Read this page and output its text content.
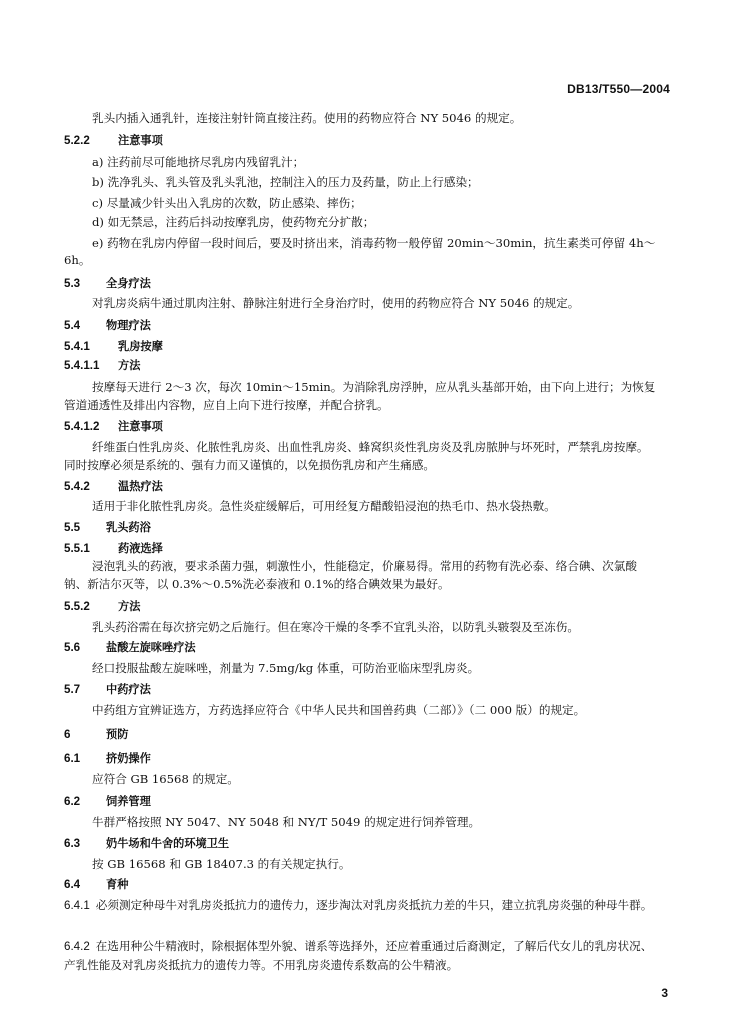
DB13/T550—2004
乳头内插入通乳针，连接注射针筒直接注药。使用的药物应符合 NY 5046 的规定。
5.2.2	注意事项
a) 注药前尽可能地挤尽乳房内残留乳汁；
b) 洗净乳头、乳头管及乳头乳池，控制注入的压力及药量，防止上行感染；
c) 尽量减少针头出入乳房的次数，防止感染、摔伤；
d) 如无禁忌，注药后抖动按摩乳房，使药物充分扩散；
e) 药物在乳房内停留一段时间后，要及时挤出来，消毒药物一般停留 20min～30min，抗生素类可停留 4h～6h。
5.3 全身疗法
对乳房炎病牛通过肌肉注射、静脉注射进行全身治疗时，使用的药物应符合 NY 5046 的规定。
5.4 物理疗法
5.4.1	乳房按摩
5.4.1.1 方法
按摩每天进行 2～3 次，每次 10min～15min。为消除乳房浮肿，应从乳头基部开始，由下向上进行；为恢复管道通透性及排出内容物，应自上向下进行按摩，并配合挤乳。
5.4.1.2 注意事项
纤维蛋白性乳房炎、化脓性乳房炎、出血性乳房炎、蜂窝织炎性乳房炎及乳房脓肿与坏死时，严禁乳房按摩。同时按摩必须是系统的、强有力而又谨慎的，以免损伤乳房和产生痛感。
5.4.2	温热疗法
适用于非化脓性乳房炎。急性炎症缓解后，可用经复方醋酸铅浸泡的热毛巾、热水袋热敷。
5.5 乳头药浴
5.5.1	药液选择
浸泡乳头的药液，要求杀菌力强，刺激性小，性能稳定，价廉易得。常用的药物有洗必泰、络合碘、次氯酸钠、新洁尔灭等，以 0.3%～0.5%洗必泰液和 0.1%的络合碘效果为最好。
5.5.2	方法
乳头药浴需在每次挤完奶之后施行。但在寒冷干燥的冬季不宜乳头浴，以防乳头皲裂及至冻伤。
5.6 盐酸左旋咪唑疗法
经口投服盐酸左旋咪唑，剂量为 7.5mg/kg 体重，可防治亚临床型乳房炎。
5.7 中药疗法
中药组方宜辨证选方，方药选择应符合《中华人民共和国兽药典（二部）》（二 000 版）的规定。
6	预防
6.1 挤奶操作
应符合 GB 16568 的规定。
6.2 饲养管理
牛群严格按照 NY 5047、NY 5048 和 NY/T 5049 的规定进行饲养管理。
6.3 奶牛场和牛舍的环境卫生
按 GB 16568 和 GB 18407.3 的有关规定执行。
6.4 育种
6.4.1 必须测定种母牛对乳房炎抵抗力的遗传力，逐步淘汰对乳房炎抵抗力差的牛只，建立抗乳房炎强的种母牛群。
6.4.2 在选用种公牛精液时，除根据体型外貌、谱系等选择外，还应着重通过后裔测定，了解后代女儿的乳房状况、产乳性能及对乳房炎抵抗力的遗传力等。不用乳房炎遗传系数高的公牛精液。
3
